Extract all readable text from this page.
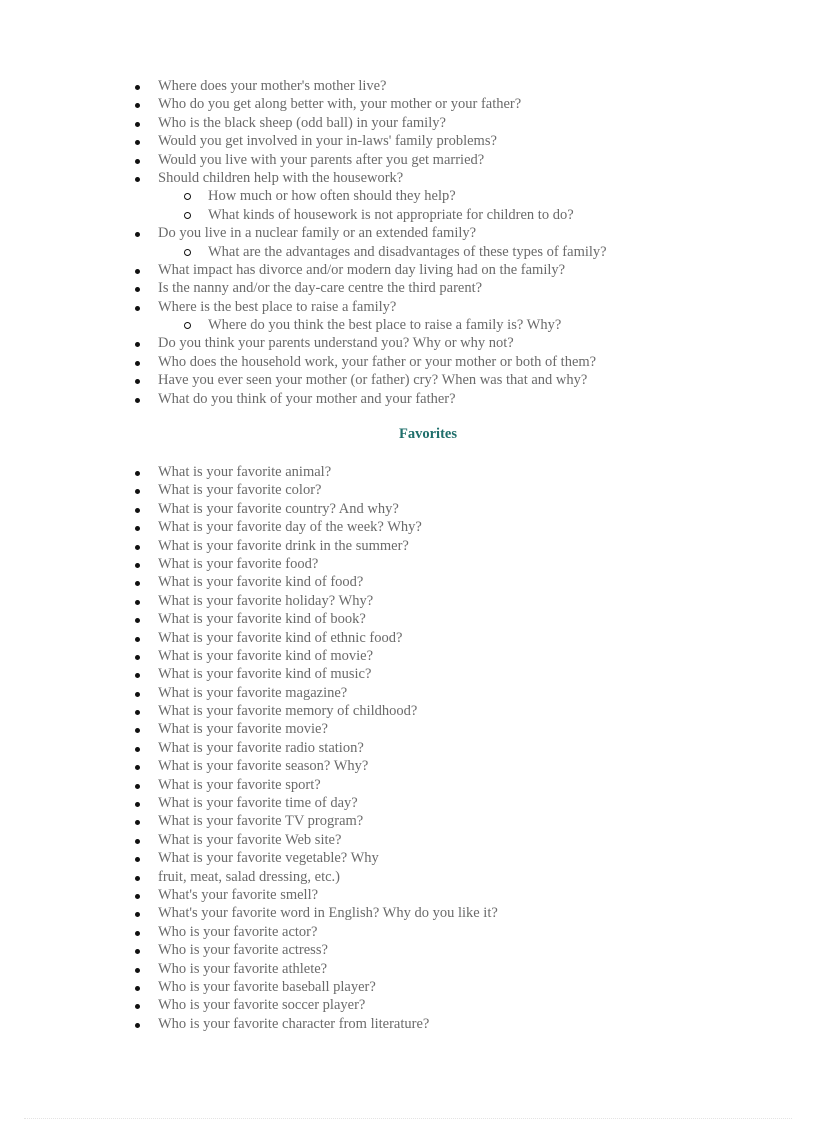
Where does your mother's mother live?
Who do you get along better with, your mother or your father?
Who is the black sheep (odd ball) in your family?
Would you get involved in your in-laws' family problems?
Would you live with your parents after you get married?
Should children help with the housework?
How much or how often should they help?
What kinds of housework is not appropriate for children to do?
Do you live in a nuclear family or an extended family?
What are the advantages and disadvantages of these types of family?
What impact has divorce and/or modern day living had on the family?
Is the nanny and/or the day-care centre the third parent?
Where is the best place to raise a family?
Where do you think the best place to raise a family is? Why?
Do you think your parents understand you? Why or why not?
Who does the household work, your father or your mother or both of them?
Have you ever seen your mother (or father) cry? When was that and why?
What do you think of your mother and your father?
Favorites
What is your favorite animal?
What is your favorite color?
What is your favorite country? And why?
What is your favorite day of the week? Why?
What is your favorite drink in the summer?
What is your favorite food?
What is your favorite kind of food?
What is your favorite holiday? Why?
What is your favorite kind of book?
What is your favorite kind of ethnic food?
What is your favorite kind of movie?
What is your favorite kind of music?
What is your favorite magazine?
What is your favorite memory of childhood?
What is your favorite movie?
What is your favorite radio station?
What is your favorite season? Why?
What is your favorite sport?
What is your favorite time of day?
What is your favorite TV program?
What is your favorite Web site?
What is your favorite vegetable? Why
fruit, meat, salad dressing, etc.)
What's your favorite smell?
What's your favorite word in English? Why do you like it?
Who is your favorite actor?
Who is your favorite actress?
Who is your favorite athlete?
Who is your favorite baseball player?
Who is your favorite soccer player?
Who is your favorite character from literature?
